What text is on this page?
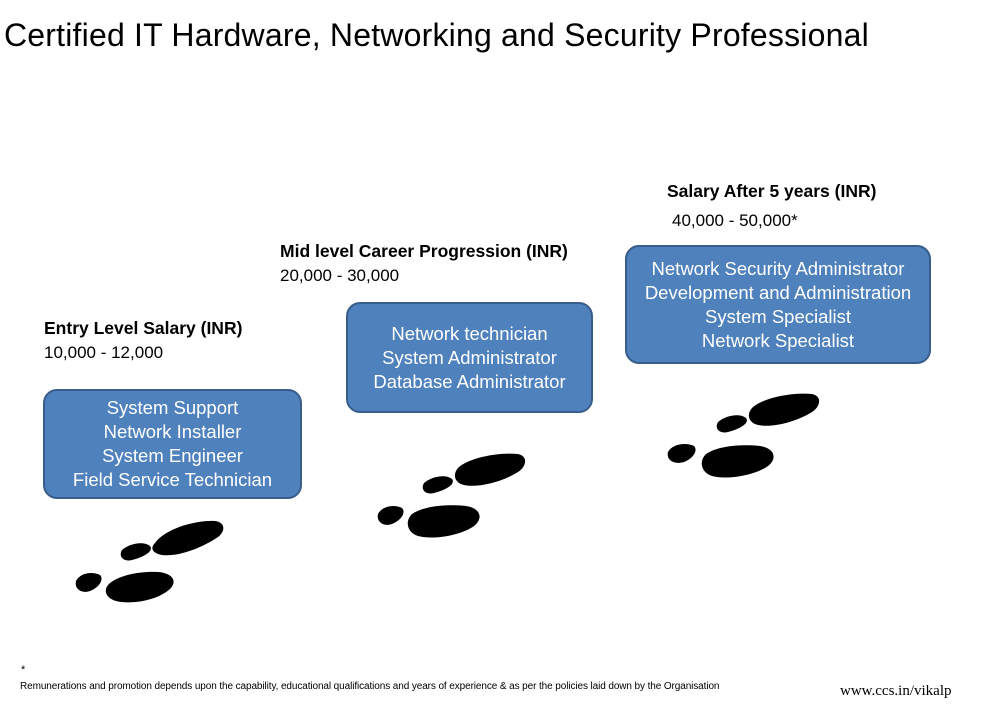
Certified IT Hardware, Networking and Security Professional
Entry Level Salary (INR)
10,000 - 12,000
System Support
Network Installer
System Engineer
Field Service Technician
Mid level Career Progression (INR)
20,000 - 30,000
Network technician
System Administrator
Database Administrator
Salary After 5 years (INR)
40,000 - 50,000*
Network Security Administrator
Development and Administration
System Specialist
Network Specialist
*
Remunerations and promotion depends upon the capability, educational qualifications and years of experience & as per the policies laid down by the Organisation	www.ccs.in/vikalp
